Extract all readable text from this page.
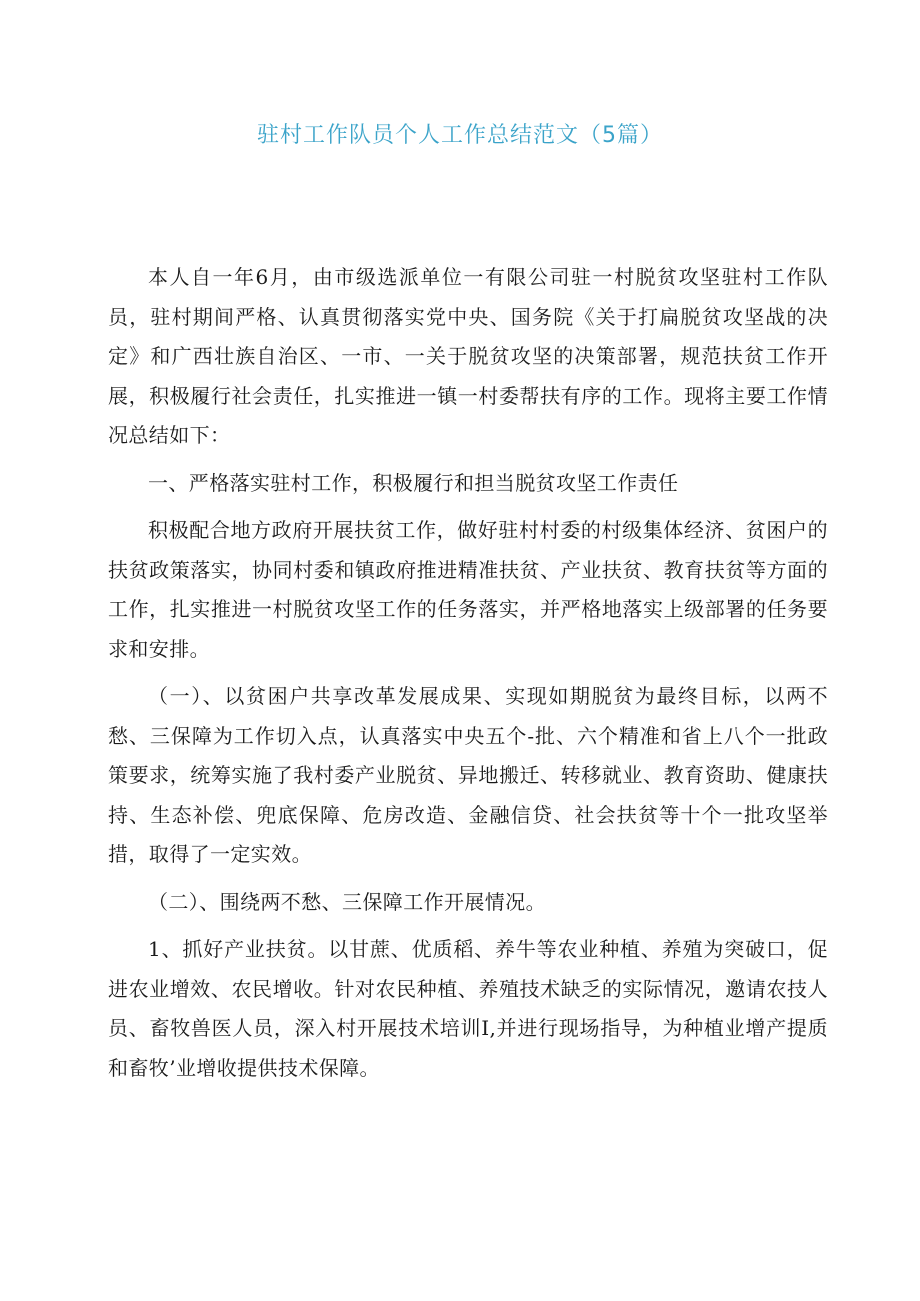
驻村工作队员个人工作总结范文（5篇）

本人自一年6月，由市级选派单位一有限公司驻一村脱贫攻坚驻村工作队员，驻村期间严格、认真贯彻落实党中央、国务院《关于打扁脱贫攻坚战的决定》和广西壮族自治区、一市、一关于脱贫攻坚的决策部署，规范扶贫工作开展，积极履行社会责任，扎实推进一镇一村委帮扶有序的工作。现将主要工作情况总结如下：

一、严格落实驻村工作，积极履行和担当脱贫攻坚工作责任

积极配合地方政府开展扶贫工作，做好驻村村委的村级集体经济、贫困户的扶贫政策落实，协同村委和镇政府推进精准扶贫、产业扶贫、教育扶贫等方面的工作，扎实推进一村脱贫攻坚工作的任务落实，并严格地落实上级部署的任务要求和安排。

（一）、以贫困户共享改革发展成果、实现如期脱贫为最终目标，以两不愁、三保障为工作切入点，认真落实中央五个-批、六个精准和省上八个一批政策要求，统筹实施了我村委产业脱贫、异地搬迁、转移就业、教育资助、健康扶持、生态补偿、兜底保障、危房改造、金融信贷、社会扶贫等十个一批攻坚举措，取得了一定实效。

（二）、围绕两不愁、三保障工作开展情况。

1、抓好产业扶贫。以甘蔗、优质稻、养牛等农业种植、养殖为突破口，促进农业增效、农民增收。针对农民种植、养殖技术缺乏的实际情况，邀请农技人员、畜牧兽医人员，深入村开展技术培训I,并进行现场指导，为种植业增产提质和畜牧’业增收提供技术保障。
